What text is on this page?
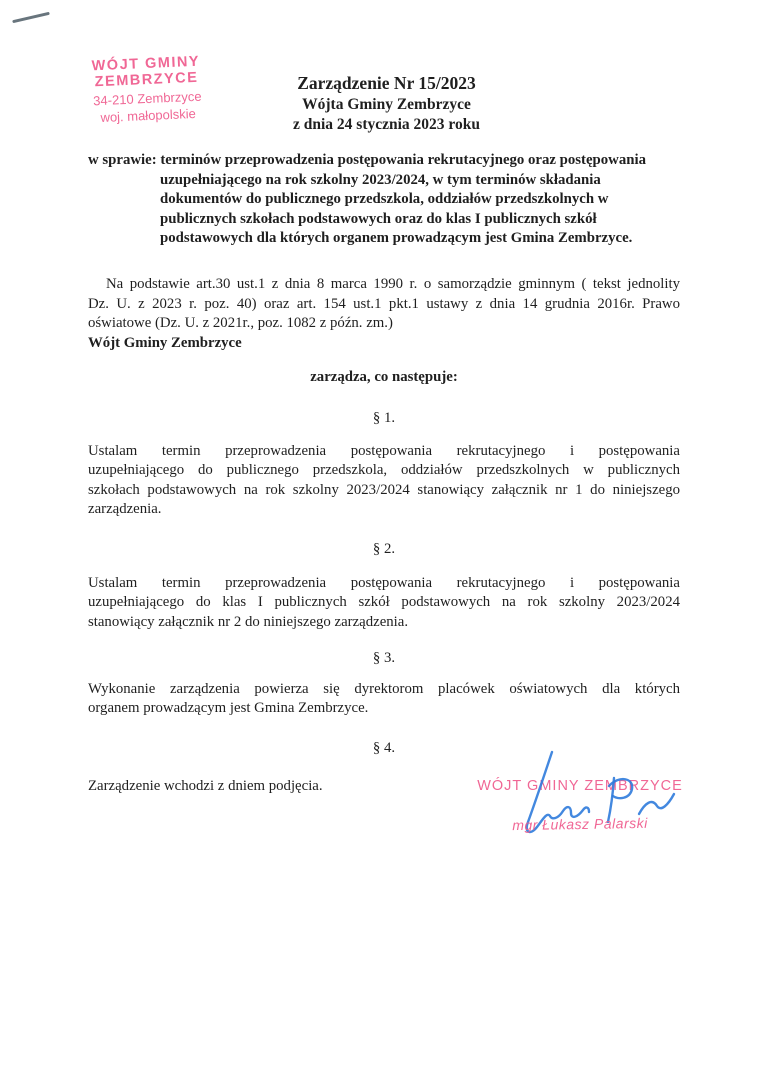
WÓJT GMINY ZEMBRZYCE
34-210 Zembrzyce
woj. małopolskie
Zarządzenie Nr 15/2023
Wójta Gminy Zembrzyce
z dnia 24 stycznia 2023 roku
w sprawie: terminów przeprowadzenia postępowania rekrutacyjnego oraz postępowania
uzupełniającego na rok szkolny 2023/2024, w tym terminów składania
dokumentów do publicznego przedszkola, oddziałów przedszkolnych w
publicznych szkołach podstawowych oraz do klas I publicznych szkół
podstawowych dla których organem prowadzącym jest Gmina Zembrzyce.
Na podstawie art.30 ust.1 z dnia 8 marca 1990 r. o samorządzie gminnym ( tekst jednolity
Dz. U. z 2023 r. poz. 40) oraz art. 154 ust.1 pkt.1 ustawy z dnia 14 grudnia 2016r. Prawo
oświatowe (Dz. U. z 2021r., poz. 1082 z późn. zm.)
Wójt Gminy Zembrzyce
zarządza, co następuje:
§ 1.
Ustalam termin przeprowadzenia postępowania rekrutacyjnego i postępowania
uzupełniającego do publicznego przedszkola, oddziałów przedszkolnych w publicznych
szkołach podstawowych na rok szkolny 2023/2024 stanowiący załącznik nr 1 do niniejszego
zarządzenia.
§ 2.
Ustalam termin przeprowadzenia postępowania rekrutacyjnego i postępowania
uzupełniającego do klas I publicznych szkół podstawowych na rok szkolny 2023/2024
stanowiący załącznik nr 2 do niniejszego zarządzenia.
§ 3.
Wykonanie zarządzenia powierza się dyrektorom placówek oświatowych dla których
organem prowadzącym jest Gmina Zembrzyce.
§ 4.
Zarządzenie wchodzi z dniem podjęcia.	WÓJT GMINY ZEMBRZYCE
mgr Łukasz Palarski
